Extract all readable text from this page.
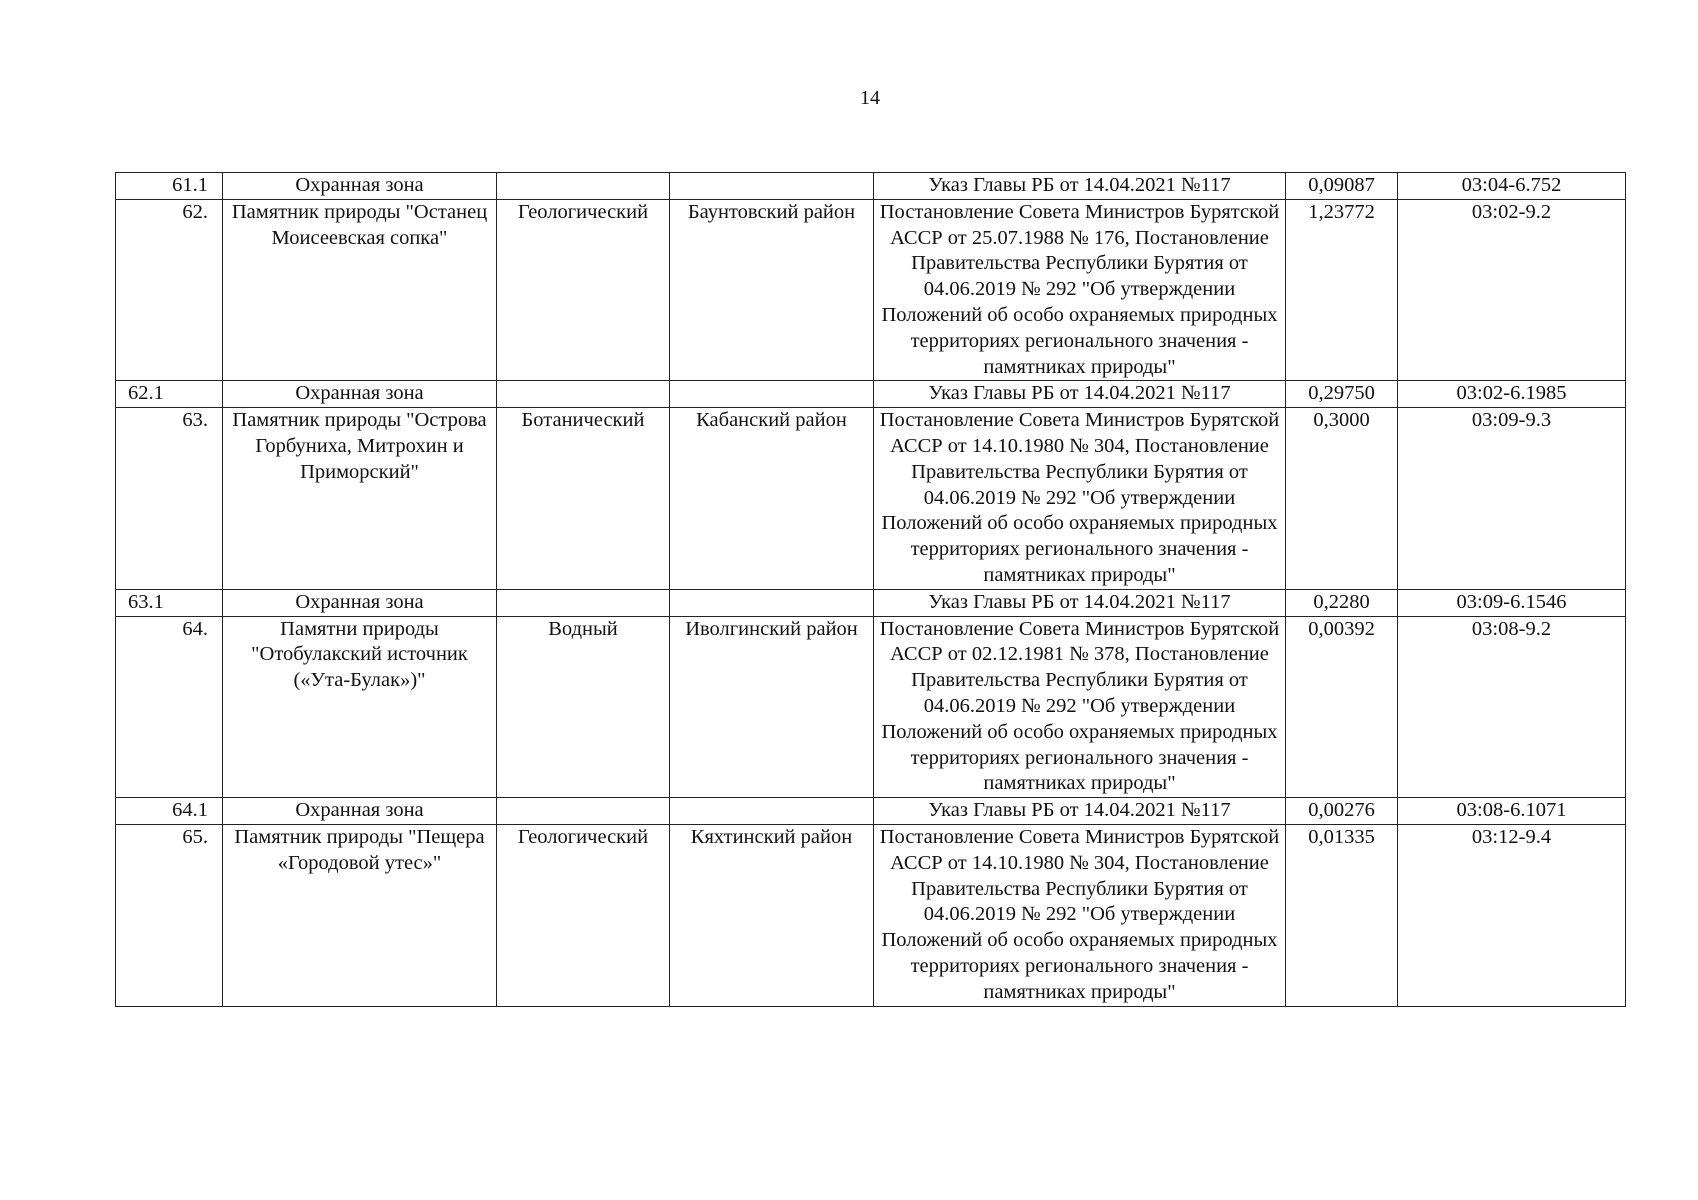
14
61.1	Охранная зона			Указ Главы РБ от 14.04.2021 №117	0,09087	03:04-6.752
62.	Памятник природы "Останец Моисеевская сопка"	Геологический	Баунтовский район	Постановление Совета Министров Бурятской АССР от 25.07.1988 № 176, Постановление Правительства Республики Бурятия от 04.06.2019 № 292 "Об утверждении Положений об особо охраняемых природных территориях регионального значения - памятниках природы"	1,23772	03:02-9.2
62.1	Охранная зона			Указ Главы РБ от 14.04.2021 №117	0,29750	03:02-6.1985
63.	Памятник природы "Острова Горбуниха, Митрохин и Приморский"	Ботанический	Кабанский район	Постановление Совета Министров Бурятской АССР от 14.10.1980 № 304, Постановление Правительства Республики Бурятия от 04.06.2019 № 292 "Об утверждении Положений об особо охраняемых природных территориях регионального значения - памятниках природы"	0,3000	03:09-9.3
63.1	Охранная зона			Указ Главы РБ от 14.04.2021 №117	0,2280	03:09-6.1546
64.	Памятни природы "Отобулакский источник («Ута-Булак»)"	Водный	Иволгинский район	Постановление Совета Министров Бурятской АССР от 02.12.1981 № 378, Постановление Правительства Республики Бурятия от 04.06.2019 № 292 "Об утверждении Положений об особо охраняемых природных территориях регионального значения - памятниках природы"	0,00392	03:08-9.2
64.1	Охранная зона			Указ Главы РБ от 14.04.2021 №117	0,00276	03:08-6.1071
65.	Памятник природы "Пещера «Городовой утес»"	Геологический	Кяхтинский район	Постановление Совета Министров Бурятской АССР от 14.10.1980 № 304, Постановление Правительства Республики Бурятия от 04.06.2019 № 292 "Об утверждении Положений об особо охраняемых природных территориях регионального значения - памятниках природы"	0,01335	03:12-9.4
